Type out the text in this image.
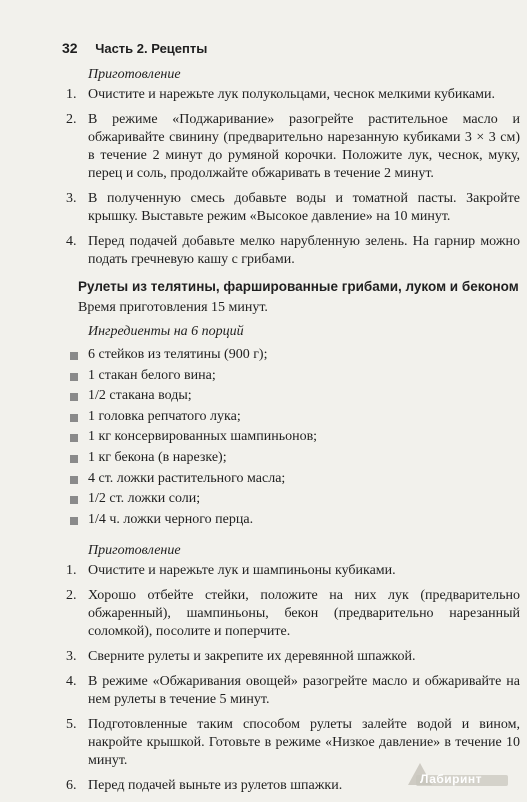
32 Часть 2. Рецепты
Приготовление
1. Очистите и нарежьте лук полукольцами, чеснок мелкими кубиками.
2. В режиме «Поджаривание» разогрейте растительное масло и обжаривайте свинину (предварительно нарезанную кубиками 3 × 3 см) в течение 2 минут до румяной корочки. Положите лук, чеснок, муку, перец и соль, продолжайте обжаривать в течение 2 минут.
3. В полученную смесь добавьте воды и томатной пасты. Закройте крышку. Выставьте режим «Высокое давление» на 10 минут.
4. Перед подачей добавьте мелко нарубленную зелень. На гарнир можно подать гречневую кашу с грибами.
Рулеты из телятины, фаршированные грибами, луком и беконом
Время приготовления 15 минут.
Ингредиенты на 6 порций
6 стейков из телятины (900 г);
1 стакан белого вина;
1/2 стакана воды;
1 головка репчатого лука;
1 кг консервированных шампиньонов;
1 кг бекона (в нарезке);
4 ст. ложки растительного масла;
1/2 ст. ложки соли;
1/4 ч. ложки черного перца.
Приготовление
1. Очистите и нарежьте лук и шампиньоны кубиками.
2. Хорошо отбейте стейки, положите на них лук (предварительно обжаренный), шампиньоны, бекон (предварительно нарезанный соломкой), посолите и поперчите.
3. Сверните рулеты и закрепите их деревянной шпажкой.
4. В режиме «Обжаривания овощей» разогрейте масло и обжаривайте на нем рулеты в течение 5 минут.
5. Подготовленные таким способом рулеты залейте водой и вином, накройте крышкой. Готовьте в режиме «Низкое давление» в течение 10 минут.
6. Перед подачей выньте из рулетов шпажки.	Лабиринт
